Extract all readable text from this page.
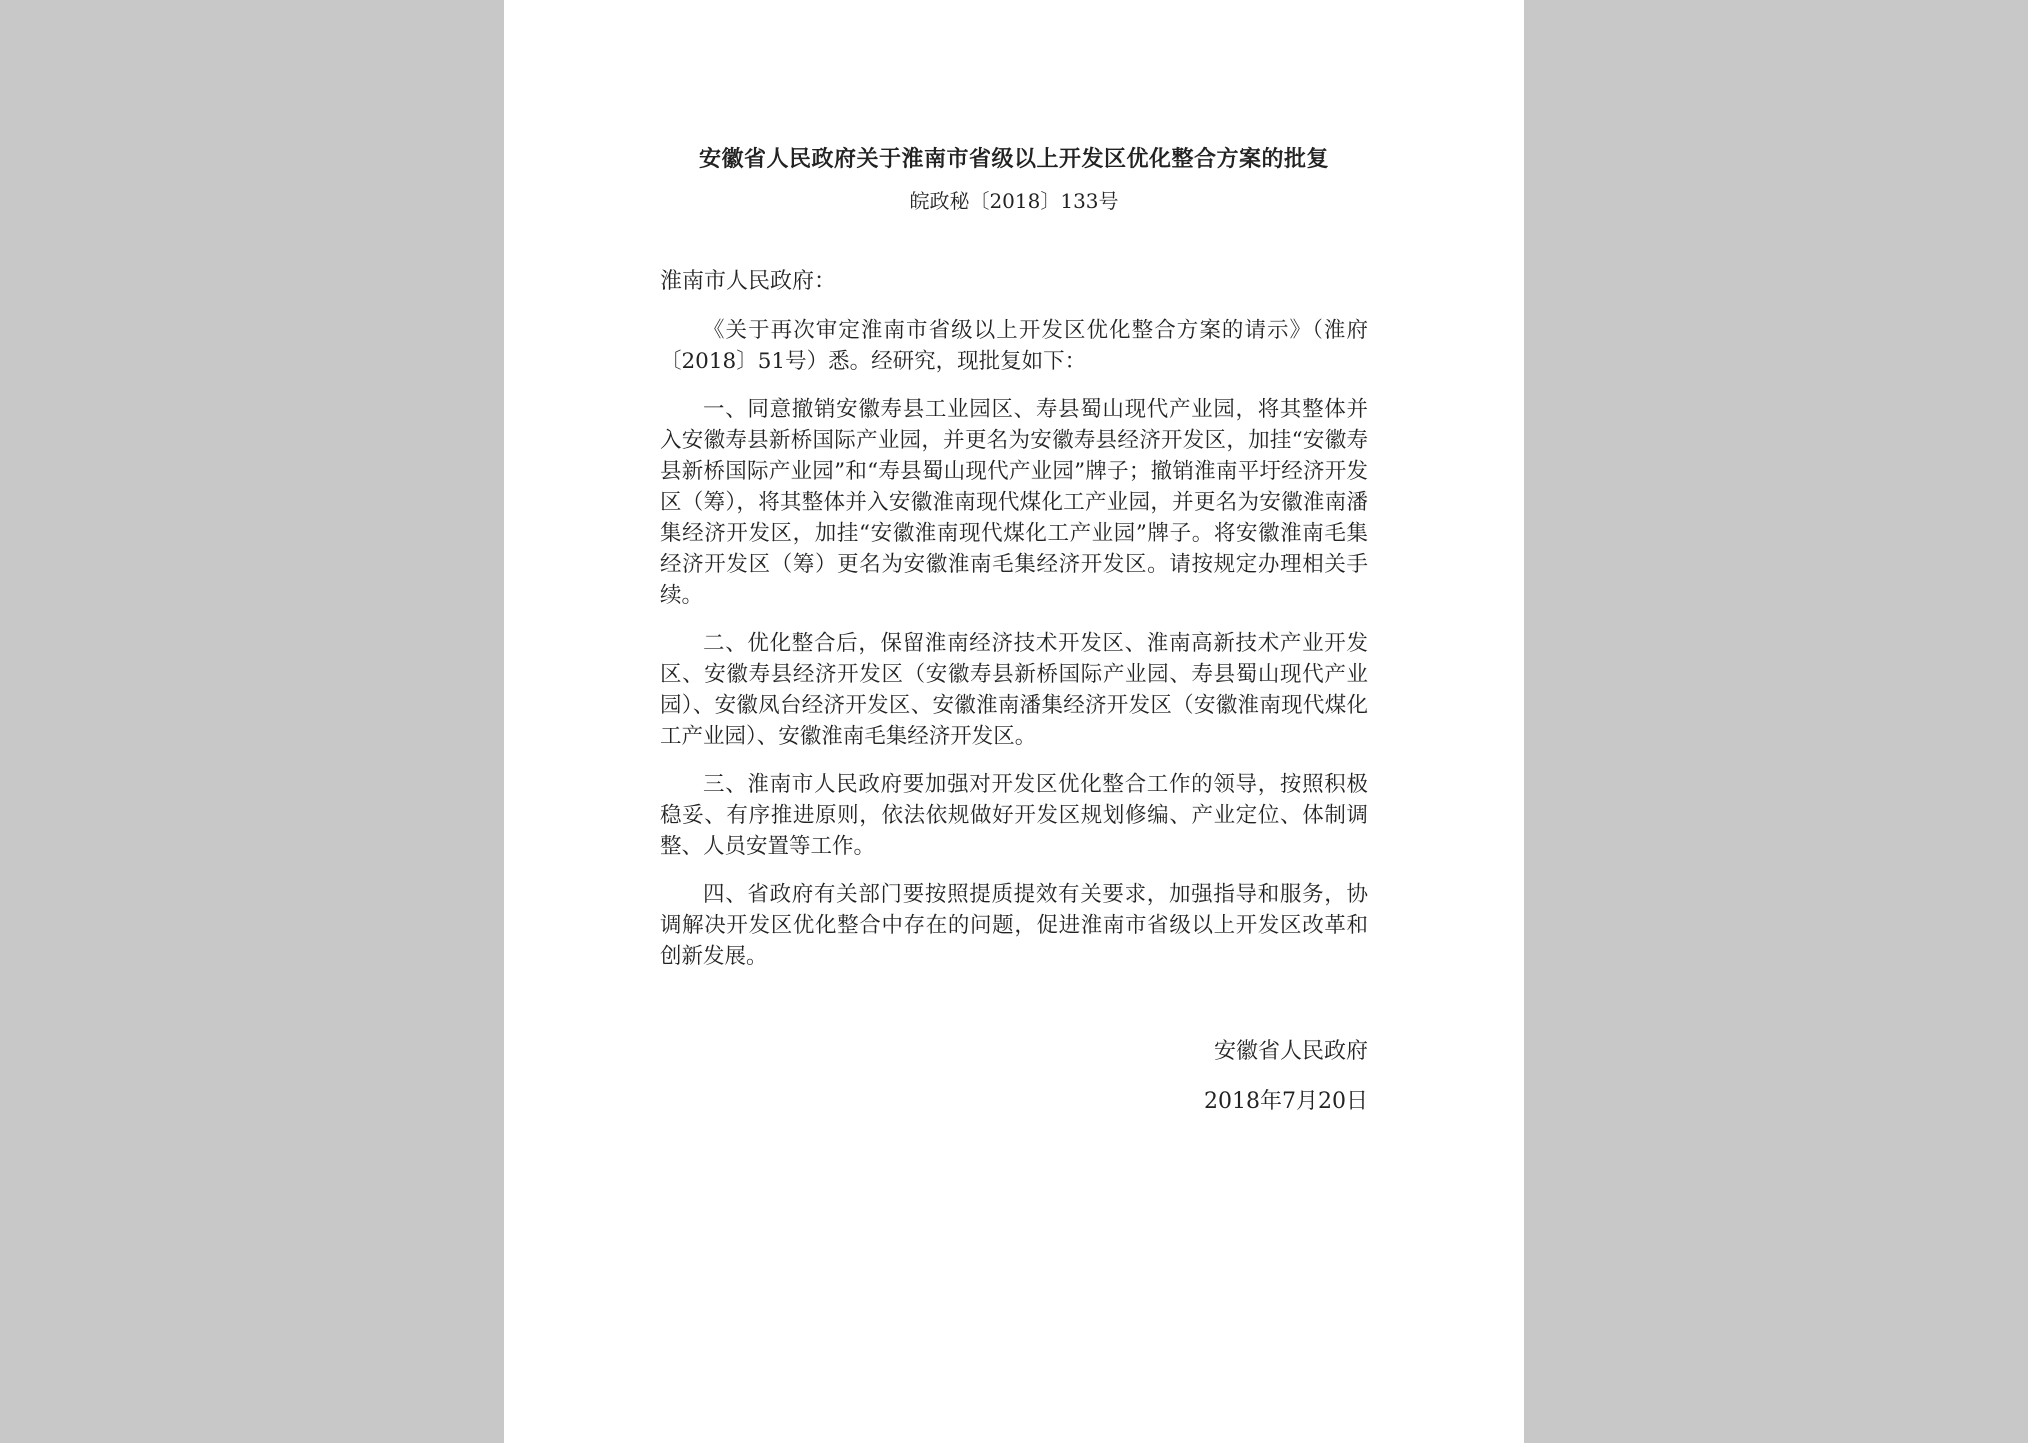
安徽省人民政府关于淮南市省级以上开发区优化整合方案的批复
皖政秘〔2018〕133号
淮南市人民政府：
《关于再次审定淮南市省级以上开发区优化整合方案的请示》（淮府〔2018〕51号）悉。经研究，现批复如下：
一、同意撤销安徽寿县工业园区、寿县蜀山现代产业园，将其整体并入安徽寿县新桥国际产业园，并更名为安徽寿县经济开发区，加挂“安徽寿县新桥国际产业园”和“寿县蜀山现代产业园”牌子；撤销淮南平圩经济开发区（筹），将其整体并入安徽淮南现代煤化工产业园，并更名为安徽淮南潘集经济开发区，加挂“安徽淮南现代煤化工产业园”牌子。将安徽淮南毛集经济开发区（筹）更名为安徽淮南毛集经济开发区。请按规定办理相关手续。
二、优化整合后，保留淮南经济技术开发区、淮南高新技术产业开发区、安徽寿县经济开发区（安徽寿县新桥国际产业园、寿县蜀山现代产业园）、安徽凤台经济开发区、安徽淮南潘集经济开发区（安徽淮南现代煤化工产业园）、安徽淮南毛集经济开发区。
三、淮南市人民政府要加强对开发区优化整合工作的领导，按照积极稳妥、有序推进原则，依法依规做好开发区规划修编、产业定位、体制调整、人员安置等工作。
四、省政府有关部门要按照提质提效有关要求，加强指导和服务，协调解决开发区优化整合中存在的问题，促进淮南市省级以上开发区改革和创新发展。
安徽省人民政府
2018年7月20日
